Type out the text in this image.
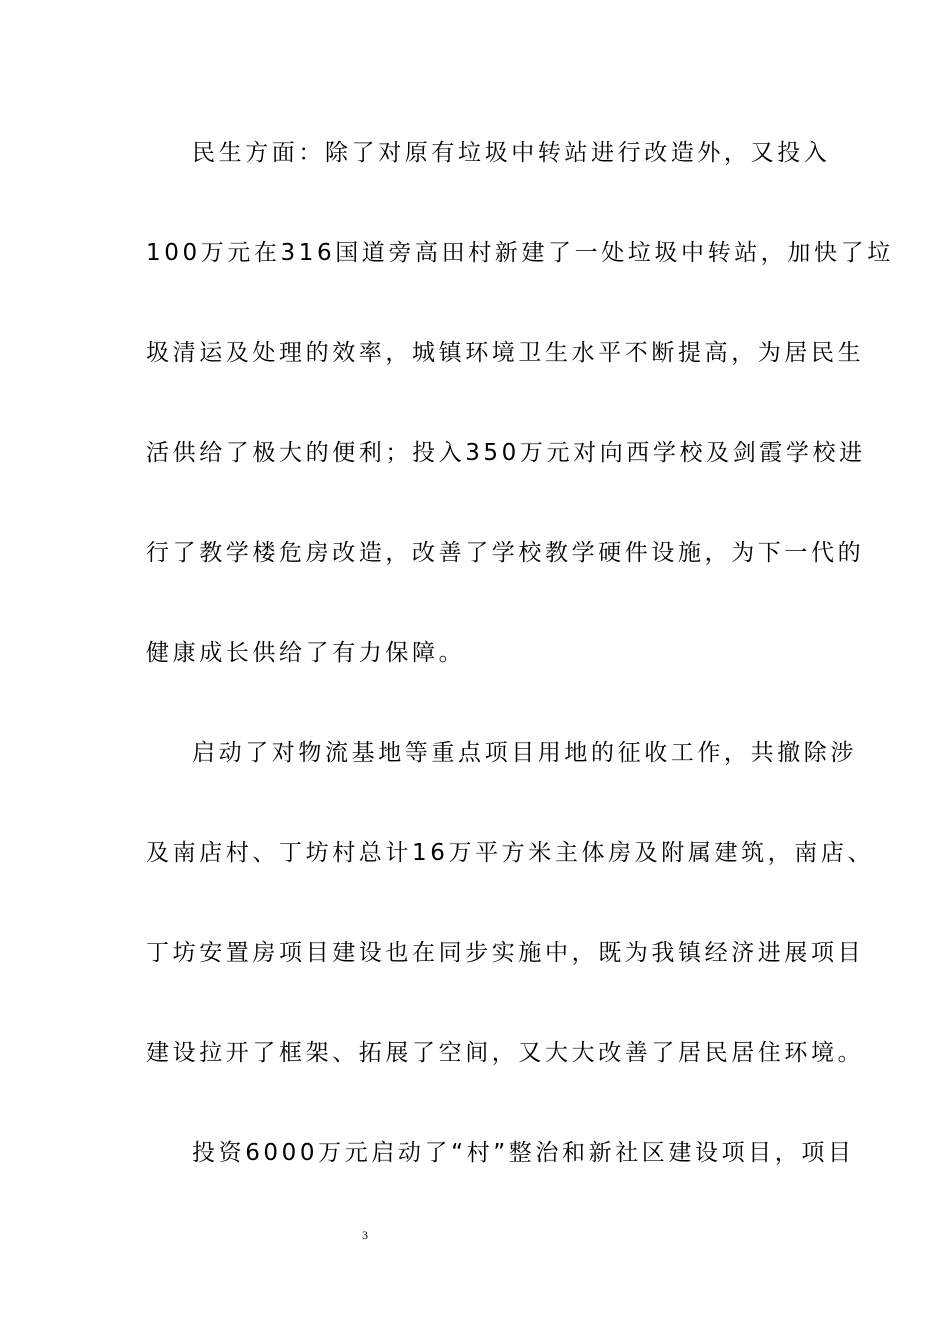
民生方面：除了对原有垃圾中转站进行改造外，又投入
100万元在316国道旁高田村新建了一处垃圾中转站，加快了垃
圾清运及处理的效率，城镇环境卫生水平不断提高，为居民生
活供给了极大的便利；投入350万元对向西学校及剑霞学校进
行了教学楼危房改造，改善了学校教学硬件设施，为下一代的
健康成长供给了有力保障。
启动了对物流基地等重点项目用地的征收工作，共撤除涉
及南店村、丁坊村总计16万平方米主体房及附属建筑，南店、
丁坊安置房项目建设也在同步实施中，既为我镇经济进展项目
建设拉开了框架、拓展了空间，又大大改善了居民居住环境。
投资6000万元启动了“村”整治和新社区建设项目，项目
3
